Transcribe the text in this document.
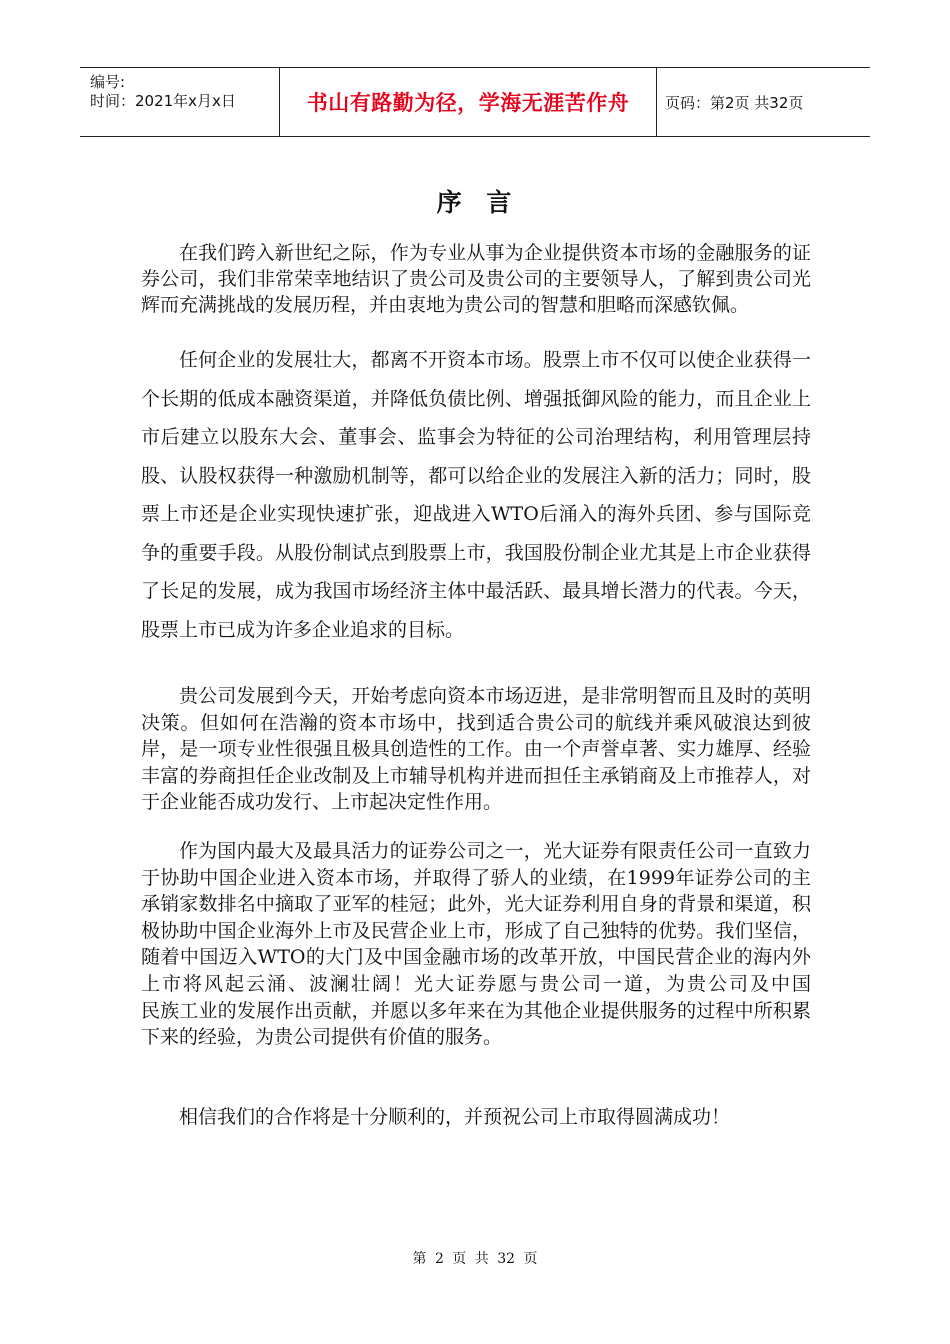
编号:
时间：2021年x月x日	书山有路勤为径，学海无涯苦作舟	页码：第2页 共32页
序 言

在我们跨入新世纪之际，作为专业从事为企业提供资本市场的金融服务的证券公司，我们非常荣幸地结识了贵公司及贵公司的主要领导人，了解到贵公司光辉而充满挑战的发展历程，并由衷地为贵公司的智慧和胆略而深感钦佩。

任何企业的发展壮大，都离不开资本市场。股票上市不仅可以使企业获得一个长期的低成本融资渠道，并降低负债比例、增强抵御风险的能力，而且企业上市后建立以股东大会、董事会、监事会为特征的公司治理结构，利用管理层持股、认股权获得一种激励机制等，都可以给企业的发展注入新的活力；同时，股票上市还是企业实现快速扩张，迎战进入WTO后涌入的海外兵团、参与国际竞争的重要手段。从股份制试点到股票上市，我国股份制企业尤其是上市企业获得了长足的发展，成为我国市场经济主体中最活跃、最具增长潜力的代表。今天，股票上市已成为许多企业追求的目标。

贵公司发展到今天，开始考虑向资本市场迈进，是非常明智而且及时的英明决策。但如何在浩瀚的资本市场中，找到适合贵公司的航线并乘风破浪达到彼岸，是一项专业性很强且极具创造性的工作。由一个声誉卓著、实力雄厚、经验丰富的券商担任企业改制及上市辅导机构并进而担任主承销商及上市推荐人，对于企业能否成功发行、上市起决定性作用。

作为国内最大及最具活力的证券公司之一，光大证券有限责任公司一直致力于协助中国企业进入资本市场，并取得了骄人的业绩，在1999年证券公司的主承销家数排名中摘取了亚军的桂冠；此外，光大证券利用自身的背景和渠道，积极协助中国企业海外上市及民营企业上市，形成了自己独特的优势。我们坚信，随着中国迈入WTO的大门及中国金融市场的改革开放，中国民营企业的海内外上市将风起云涌、波澜壮阔！光大证券愿与贵公司一道，为贵公司及中国　　　民族工业的发展作出贡献，并愿以多年来在为其他企业提供服务的过程中所积累下来的经验，为贵公司提供有价值的服务。

相信我们的合作将是十分顺利的，并预祝公司上市取得圆满成功！

第 2 页 共 32 页
